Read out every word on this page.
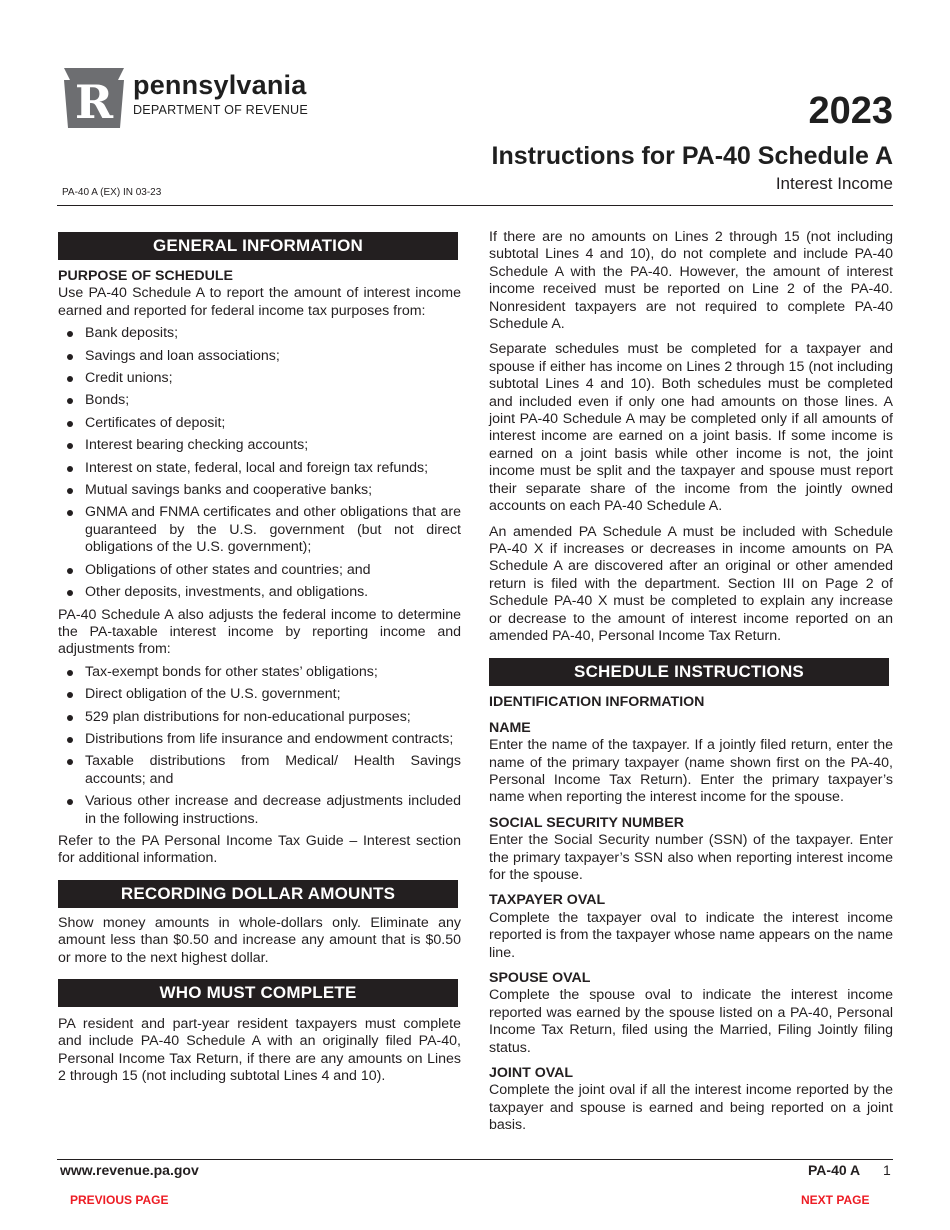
R pennsylvania
DEPARTMENT OF REVENUE	2023
Instructions for PA-40 Schedule A
Interest Income
PA-40 A (EX) IN 03-23
GENERAL INFORMATION
PURPOSE OF SCHEDULE

Use PA-40 Schedule A to report the amount of interest income earned and reported for federal income tax purposes from:

Bank deposits;
Savings and loan associations;
Credit unions;
Bonds;
Certificates of deposit;
Interest bearing checking accounts;
Interest on state, federal, local and foreign tax refunds;
Mutual savings banks and cooperative banks;
GNMA and FNMA certificates and other obligations that are guaranteed by the U.S. government (but not direct obligations of the U.S. government);
Obligations of other states and countries; and
Other deposits, investments, and obligations.

PA-40 Schedule A also adjusts the federal income to determine the PA-taxable interest income by reporting income and adjustments from:

Tax-exempt bonds for other states’ obligations;
Direct obligation of the U.S. government;
529 plan distributions for non-educational purposes;
Distributions from life insurance and endowment contracts;
Taxable distributions from Medical/ Health Savings accounts; and
Various other increase and decrease adjustments included in the following instructions.

Refer to the PA Personal Income Tax Guide – Interest section for additional information.

RECORDING DOLLAR AMOUNTS

Show money amounts in whole-dollars only. Eliminate any amount less than $0.50 and increase any amount that is $0.50 or more to the next highest dollar.

WHO MUST COMPLETE

PA resident and part-year resident taxpayers must complete and include PA-40 Schedule A with an originally filed PA-40, Personal Income Tax Return, if there are any amounts on Lines 2 through 15 (not including subtotal Lines 4 and 10).

If there are no amounts on Lines 2 through 15 (not including subtotal Lines 4 and 10), do not complete and include PA-40 Schedule A with the PA-40. However, the amount of interest income received must be reported on Line 2 of the PA-40. Nonresident taxpayers are not required to complete PA-40 Schedule A.

Separate schedules must be completed for a taxpayer and spouse if either has income on Lines 2 through 15 (not including subtotal Lines 4 and 10). Both schedules must be completed and included even if only one had amounts on those lines. A joint PA-40 Schedule A may be completed only if all amounts of interest income are earned on a joint basis. If some income is earned on a joint basis while other income is not, the joint income must be split and the taxpayer and spouse must report their separate share of the income from the jointly owned accounts on each PA-40 Schedule A.

An amended PA Schedule A must be included with Schedule PA-40 X if increases or decreases in income amounts on PA Schedule A are discovered after an original or other amended return is filed with the department. Section III on Page 2 of Schedule PA-40 X must be completed to explain any increase or decrease to the amount of interest income reported on an amended PA-40, Personal Income Tax Return.

SCHEDULE INSTRUCTIONS
IDENTIFICATION INFORMATION
NAME

Enter the name of the taxpayer. If a jointly filed return, enter the name of the primary taxpayer (name shown first on the PA-40, Personal Income Tax Return). Enter the primary taxpayer’s name when reporting the interest income for the spouse.

SOCIAL SECURITY NUMBER

Enter the Social Security number (SSN) of the taxpayer. Enter the primary taxpayer’s SSN also when reporting interest income for the spouse.

TAXPAYER OVAL

Complete the taxpayer oval to indicate the interest income reported is from the taxpayer whose name appears on the name line.

SPOUSE OVAL

Complete the spouse oval to indicate the interest income reported was earned by the spouse listed on a PA-40, Personal Income Tax Return, filed using the Married, Filing Jointly filing status.

JOINT OVAL

Complete the joint oval if all the interest income reported by the taxpayer and spouse is earned and being reported on a joint basis.

www.revenue.pa.gov	PA-40 A 1
PREVIOUS PAGE	NEXT PAGE
